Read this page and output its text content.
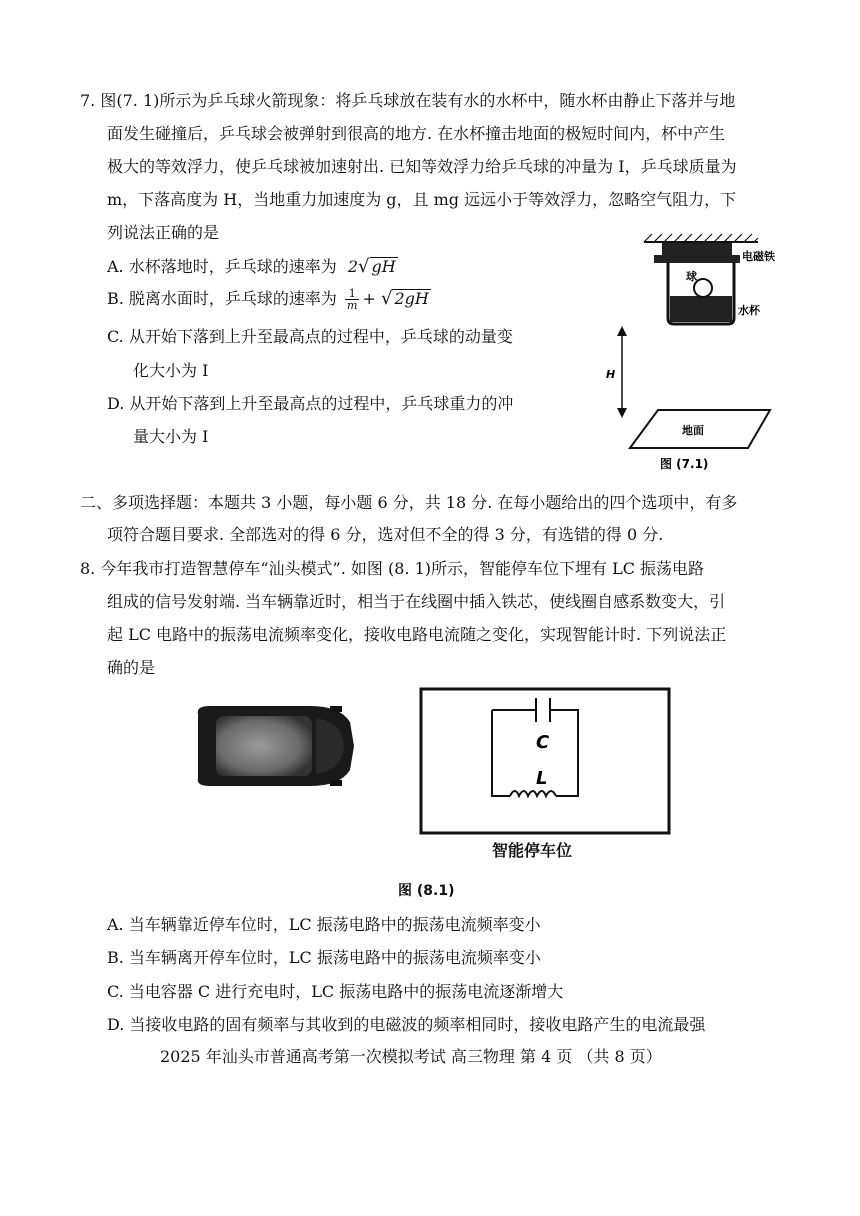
7. 图(7. 1)所示为乒乓球火箭现象：将乒乓球放在装有水的水杯中，随水杯由静止下落并与地
面发生碰撞后，乒乓球会被弹射到很高的地方. 在水杯撞击地面的极短时间内，杯中产生
极大的等效浮力，使乒乓球被加速射出. 已知等效浮力给乒乓球的冲量为 I，乒乓球质量为
m，下落高度为 H，当地重力加速度为 g，且 mg 远远小于等效浮力，忽略空气阻力，下
列说法正确的是
A. 水杯落地时，乒乓球的速率为 2√ gH
B. 脱离水面时，乒乓球的速率为 $\frac{1}{m}$ + √ 2gH
C. 从开始下落到上升至最高点的过程中，乒乓球的动量变
化大小为 I
D. 从开始下落到上升至最高点的过程中，乒乓球重力的冲
量大小为 I
球
电磁铁
水杯
H
地面
图 (7.1)
二、多项选择题：本题共 3 小题，每小题 6 分，共 18 分. 在每小题给出的四个选项中，有多
项符合题目要求. 全部选对的得 6 分，选对但不全的得 3 分，有选错的得 0 分.
8. 今年我市打造智慧停车“汕头模式”. 如图 (8. 1)所示，智能停车位下埋有 LC 振荡电路
组成的信号发射端. 当车辆靠近时，相当于在线圈中插入铁芯，使线圈自感系数变大，引
起 LC 电路中的振荡电流频率变化，接收电路电流随之变化，实现智能计时. 下列说法正
确的是
C
L
智能停车位
图 (8.1)
A. 当车辆靠近停车位时，LC 振荡电路中的振荡电流频率变小
B. 当车辆离开停车位时，LC 振荡电路中的振荡电流频率变小
C. 当电容器 C 进行充电时，LC 振荡电路中的振荡电流逐渐增大
D. 当接收电路的固有频率与其收到的电磁波的频率相同时，接收电路产生的电流最强
2025 年汕头市普通高考第一次模拟考试 高三物理 第 4 页 （共 8 页）
